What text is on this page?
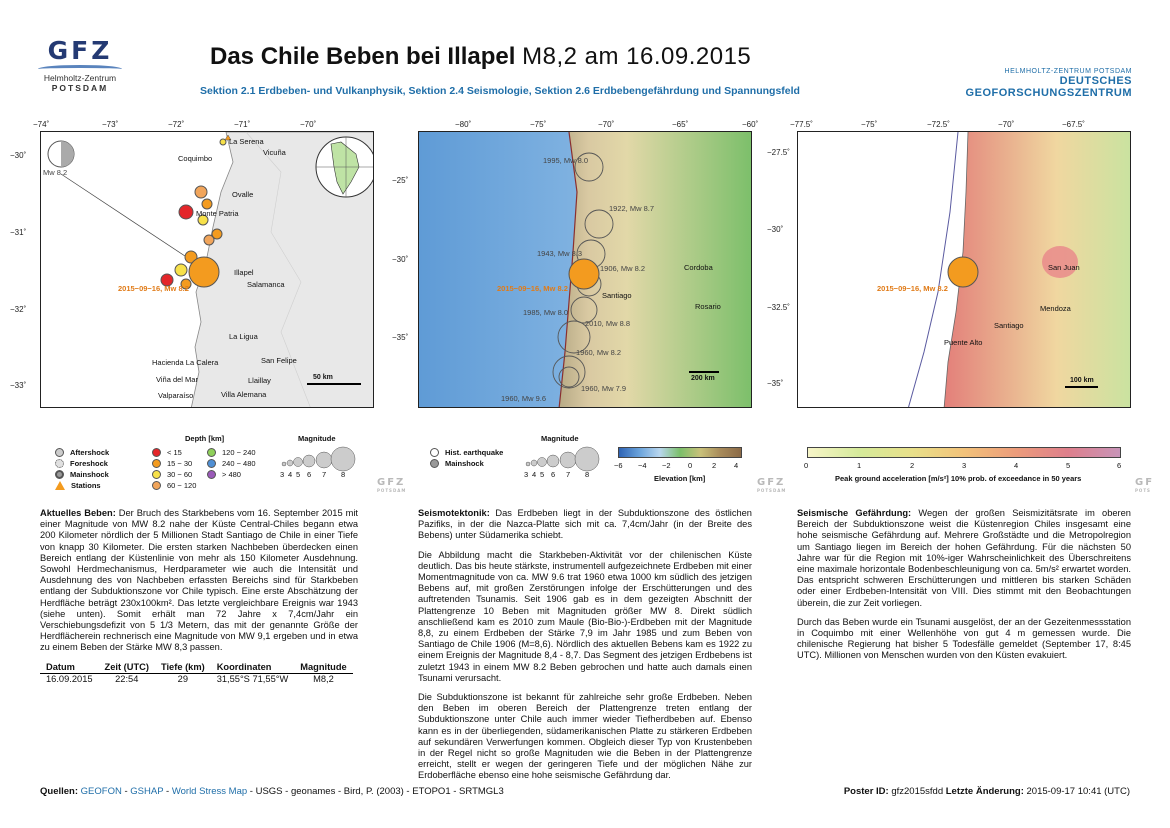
GFZ
Helmholtz-Zentrum
POTSDAM
Das Chile Beben bei Illapel M8,2 am 16.09.2015
Sektion 2.1 Erdbeben- und Vulkanphysik, Sektion 2.4 Seismologie, Sektion 2.6 Erdbebengefährdung und Spannungsfeld
HELMHOLTZ-ZENTRUM POTSDAM
DEUTSCHES
GEOFORSCHUNGSZENTRUM
−74˚	−73˚	−72˚	−71˚	−70˚
−30˚
−31˚
−32˚
−33˚
La Serena
Vicuña
Coquimbo
Ovalle
Monte Patria
Illapel
Salamanca
La Ligua
Hacienda La Calera	San Felipe
Viña del Mar	Llaillay
Valparaíso	Villa Alemana
2015−09−16, Mw 8.2
Mw 8.2
50 km
−80˚	−75˚	−70˚	−65˚	−60˚
−25˚
−30˚
−35˚
Cordoba
Santiago
Rosario
1995, Mw 8.0
1922, Mw 8.7
1943, Mw 8.3
1906, Mw 8.2
1985, Mw 8.0
2010, Mw 8.8
1960, Mw 8.2
1960, Mw 7.9
1960, Mw 9.6
2015−09−16, Mw 8.2
200 km
−77.5˚	−75˚	−72.5˚	−70˚	−67.5˚
−27.5˚
−30˚
−32.5˚
−35˚
San Juan
Mendoza
Santiago
Puente Alto
2015−09−16, Mw 8.2
100 km
Aftershock
Foreshock
Mainshock
Stations
Depth [km]
< 15
15 − 30
30 − 60
60 − 120
120 − 240
240 − 480
> 480
Magnitude
3 4 5 6 7 8
GFZ
POTSDAM
Hist. earthquake
Mainshock
Magnitude
3 4 5 6 7 8
−6 −4 −2 0	2 4
Elevation [km]	GFZ
POTSDAM
0	1	2	3	4	5	6
Peak ground acceleration [m/s²] 10% prob. of exceedance in 50 years	GF
POTS

Aktuelles Beben: Der Bruch des Starkbebens vom 16. September 2015 mit einer Magnitude von MW 8.2 nahe der Küste Central-Chiles begann etwa 200 Kilometer nördlich der 5 Millionen Stadt Santiago de Chile in einer Tiefe von knapp 30 Kilometer. Die ersten starken Nachbeben überdecken einen Bereich entlang der Küstenlinie von mehr als 150 Kilometer Ausdehnung. Sowohl Herdmechanismus, Herdparameter wie auch die Intensität und Ausdehnung des von Nachbeben erfassten Bereichs sind für Starkbeben entlang der Subduktionszone vor Chile typisch. Eine erste Abschätzung der Herdfläche beträgt 230x100km². Das letzte vergleichbare Ereignis war 1943 (siehe unten). Somit erhält man 72 Jahre x 7,4cm/Jahr ein Verschiebungsdefizit von 5 1/3 Metern, das mit der genannte Größe der Herdflächerein rechnerisch eine Magnitude von MW 9,1 ergeben und in etwa zu einem Beben der Stärke MW 8,3 passen.

Datum	Zeit (UTC)	Tiefe (km)	Koordinaten	Magnitude
16.09.2015	22:54	29	31,55°S 71,55°W	M8,2

Seismotektonik: Das Erdbeben liegt in der Subduktionszone des östlichen Pazifiks, in der die Nazca-Platte sich mit ca. 7,4cm/Jahr (in der Breite des Bebens) unter Südamerika schiebt.

Die Abbildung macht die Starkbeben-Aktivität vor der chilenischen Küste deutlich. Das bis heute stärkste, instrumentell aufgezeichnete Erdbeben mit einer Momentmagnitude von ca. MW 9.6 trat 1960 etwa 1000 km südlich des jetzigen Bebens auf, mit großen Zerstörungen infolge der Erschütterungen und des auftretenden Tsunamis. Seit 1906 gab es in dem gezeigten Abschnitt der Plattengrenze 10 Beben mit Magnituden größer MW 8. Direkt südlich anschließend kam es 2010 zum Maule (Bio-Bio-)-Erdbeben mit der Magnitude 8,8, zu einem Erdbeben der Stärke 7,9 im Jahr 1985 und zum Beben von Santiago de Chile 1906 (M=8,6). Nördlich des aktuellen Bebens kam es 1922 zu einem Ereignis der Magnitude 8,4 - 8,7. Das Segment des jetzigen Erdbebens ist zuletzt 1943 in einem MW 8.2 Beben gebrochen und hatte auch damals einen Tsunami verursacht.

Die Subduktionszone ist bekannt für zahlreiche sehr große Erdbeben. Neben den Beben im oberen Bereich der Plattengrenze treten entlang der Subduktionszone unter Chile auch immer wieder Tiefherdbeben auf. Ebenso kann es in der überliegenden, südamerikanischen Platte zu stärkeren Erdbeben auf sekundären Verwerfungen kommen. Obgleich dieser Typ von Krustenbeben in der Regel nicht so große Magnituden wie die Beben in der Plattengrenze erreicht, stellt er wegen der geringeren Tiefe und der möglichen Nähe zur Erdoberfläche ebenso eine hohe seismische Gefährdung dar.

Seismische Gefährdung: Wegen der großen Seismizitätsrate im oberen Bereich der Subduktionszone weist die Küstenregion Chiles insgesamt eine hohe seismische Gefährdung auf. Mehrere Großstädte und die Metropolregion um Santiago liegen im Bereich der hohen Gefährdung. Für die nächsten 50 Jahre war für die Region mit 10%-iger Wahrscheinlichkeit des Überschreitens eine maximale horizontale Bodenbeschleunigung von ca. 5m/s² erwartet worden. Das entspricht schweren Erschütterungen und mittleren bis starken Schäden oder einer Erdbeben-Intensität von VIII. Dies stimmt mit den Beobachtungen überein, die zur Zeit vorliegen.

Durch das Beben wurde ein Tsunami ausgelöst, der an der Gezeitenmessstation in Coquimbo mit einer Wellenhöhe von gut 4 m gemessen wurde. Die chilenische Regierung hat bisher 5 Todesfälle gemeldet (September 17, 8:45 UTC). Millionen von Menschen wurden von den Küsten evakuiert.

Quellen: GEOFON - GSHAP - World Stress Map - USGS - geonames - Bird, P. (2003) - ETOPO1 - SRTMGL3	Poster ID: gfz2015sfdd Letzte Änderung: 2015-09-17 10:41 (UTC)
